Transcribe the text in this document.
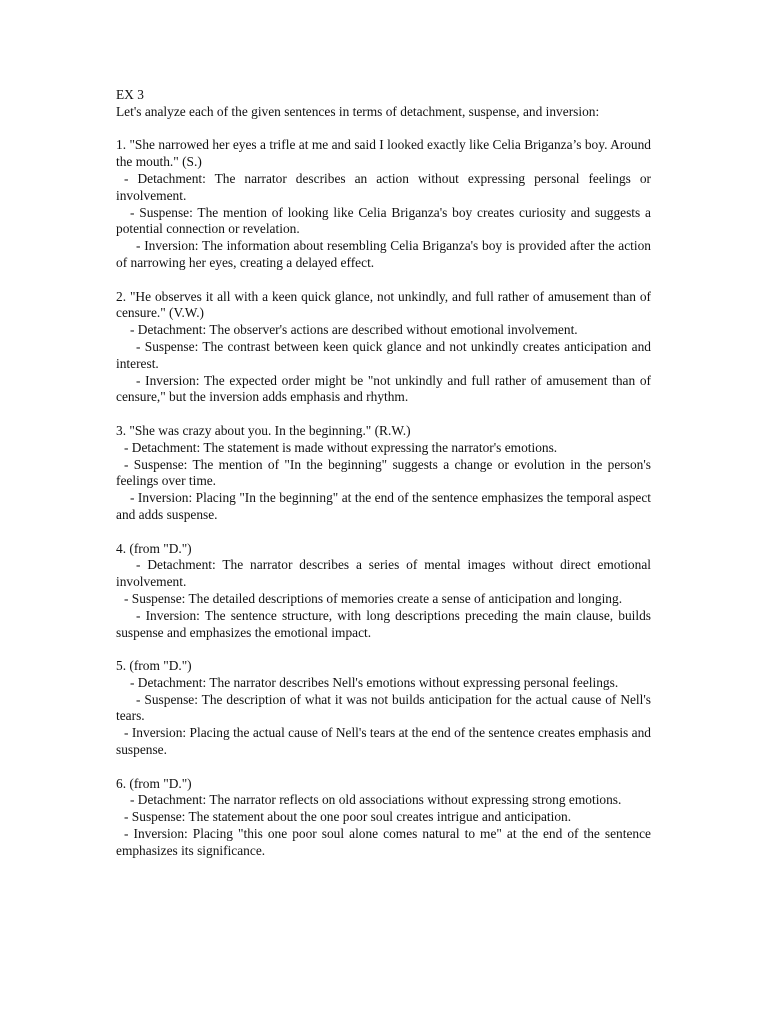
EX 3

Let's analyze each of the given sentences in terms of detachment, suspense, and inversion:

1. "She narrowed her eyes a trifle at me and said I looked exactly like Celia Briganza’s boy. Around the mouth." (S.)

- Detachment: The narrator describes an action without expressing personal feelings or involvement.

- Suspense: The mention of looking like Celia Briganza's boy creates curiosity and suggests a potential connection or revelation.

- Inversion: The information about resembling Celia Briganza's boy is provided after the action of narrowing her eyes, creating a delayed effect.

2. "He observes it all with a keen quick glance, not unkindly, and full rather of amusement than of censure." (V.W.)

- Detachment: The observer's actions are described without emotional involvement.

- Suspense: The contrast between keen quick glance and not unkindly creates anticipation and interest.

- Inversion: The expected order might be "not unkindly and full rather of amusement than of censure," but the inversion adds emphasis and rhythm.

3. "She was crazy about you. In the beginning." (R.W.)

- Detachment: The statement is made without expressing the narrator's emotions.

- Suspense: The mention of "In the beginning" suggests a change or evolution in the person's feelings over time.

- Inversion: Placing "In the beginning" at the end of the sentence emphasizes the temporal aspect and adds suspense.

4. (from "D.")

- Detachment: The narrator describes a series of mental images without direct emotional involvement.

- Suspense: The detailed descriptions of memories create a sense of anticipation and longing.

- Inversion: The sentence structure, with long descriptions preceding the main clause, builds suspense and emphasizes the emotional impact.

5. (from "D.")

- Detachment: The narrator describes Nell's emotions without expressing personal feelings.

- Suspense: The description of what it was not builds anticipation for the actual cause of Nell's tears.

- Inversion: Placing the actual cause of Nell's tears at the end of the sentence creates emphasis and suspense.

6. (from "D.")

- Detachment: The narrator reflects on old associations without expressing strong emotions.

- Suspense: The statement about the one poor soul creates intrigue and anticipation.

- Inversion: Placing "this one poor soul alone comes natural to me" at the end of the sentence emphasizes its significance.
